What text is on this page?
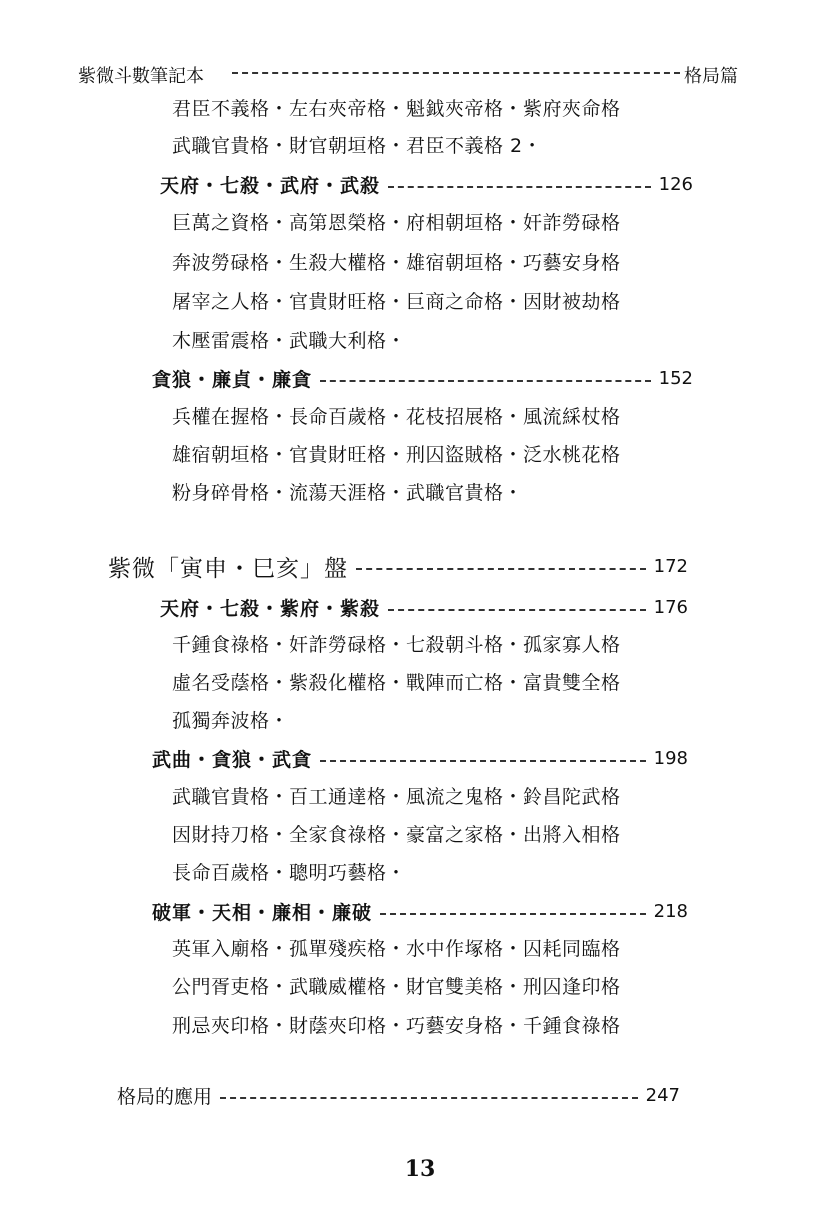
紫微斗數筆記本	格局篇
君臣不義格・左右夾帝格・魁鉞夾帝格・紫府夾命格
武職官貴格・財官朝垣格・君臣不義格 2・
天府・七殺・武府・武殺	126
巨萬之資格・高第恩榮格・府相朝垣格・奸詐勞碌格
奔波勞碌格・生殺大權格・雄宿朝垣格・巧藝安身格
屠宰之人格・官貴財旺格・巨商之命格・因財被劫格
木壓雷震格・武職大利格・
貪狼・廉貞・廉貪	152
兵權在握格・長命百歲格・花枝招展格・風流綵杖格
雄宿朝垣格・官貴財旺格・刑囚盜賊格・泛水桃花格
粉身碎骨格・流蕩天涯格・武職官貴格・
紫微「寅申・巳亥」盤	172
天府・七殺・紫府・紫殺	176
千鍾食祿格・奸詐勞碌格・七殺朝斗格・孤家寡人格
虛名受蔭格・紫殺化權格・戰陣而亡格・富貴雙全格
孤獨奔波格・
武曲・貪狼・武貪	198
武職官貴格・百工通達格・風流之鬼格・鈴昌陀武格
因財持刀格・全家食祿格・豪富之家格・出將入相格
長命百歲格・聰明巧藝格・
破軍・天相・廉相・廉破	218
英軍入廟格・孤單殘疾格・水中作塚格・囚耗同臨格
公門胥吏格・武職威權格・財官雙美格・刑囚逢印格
刑忌夾印格・財蔭夾印格・巧藝安身格・千鍾食祿格
格局的應用	247
13
